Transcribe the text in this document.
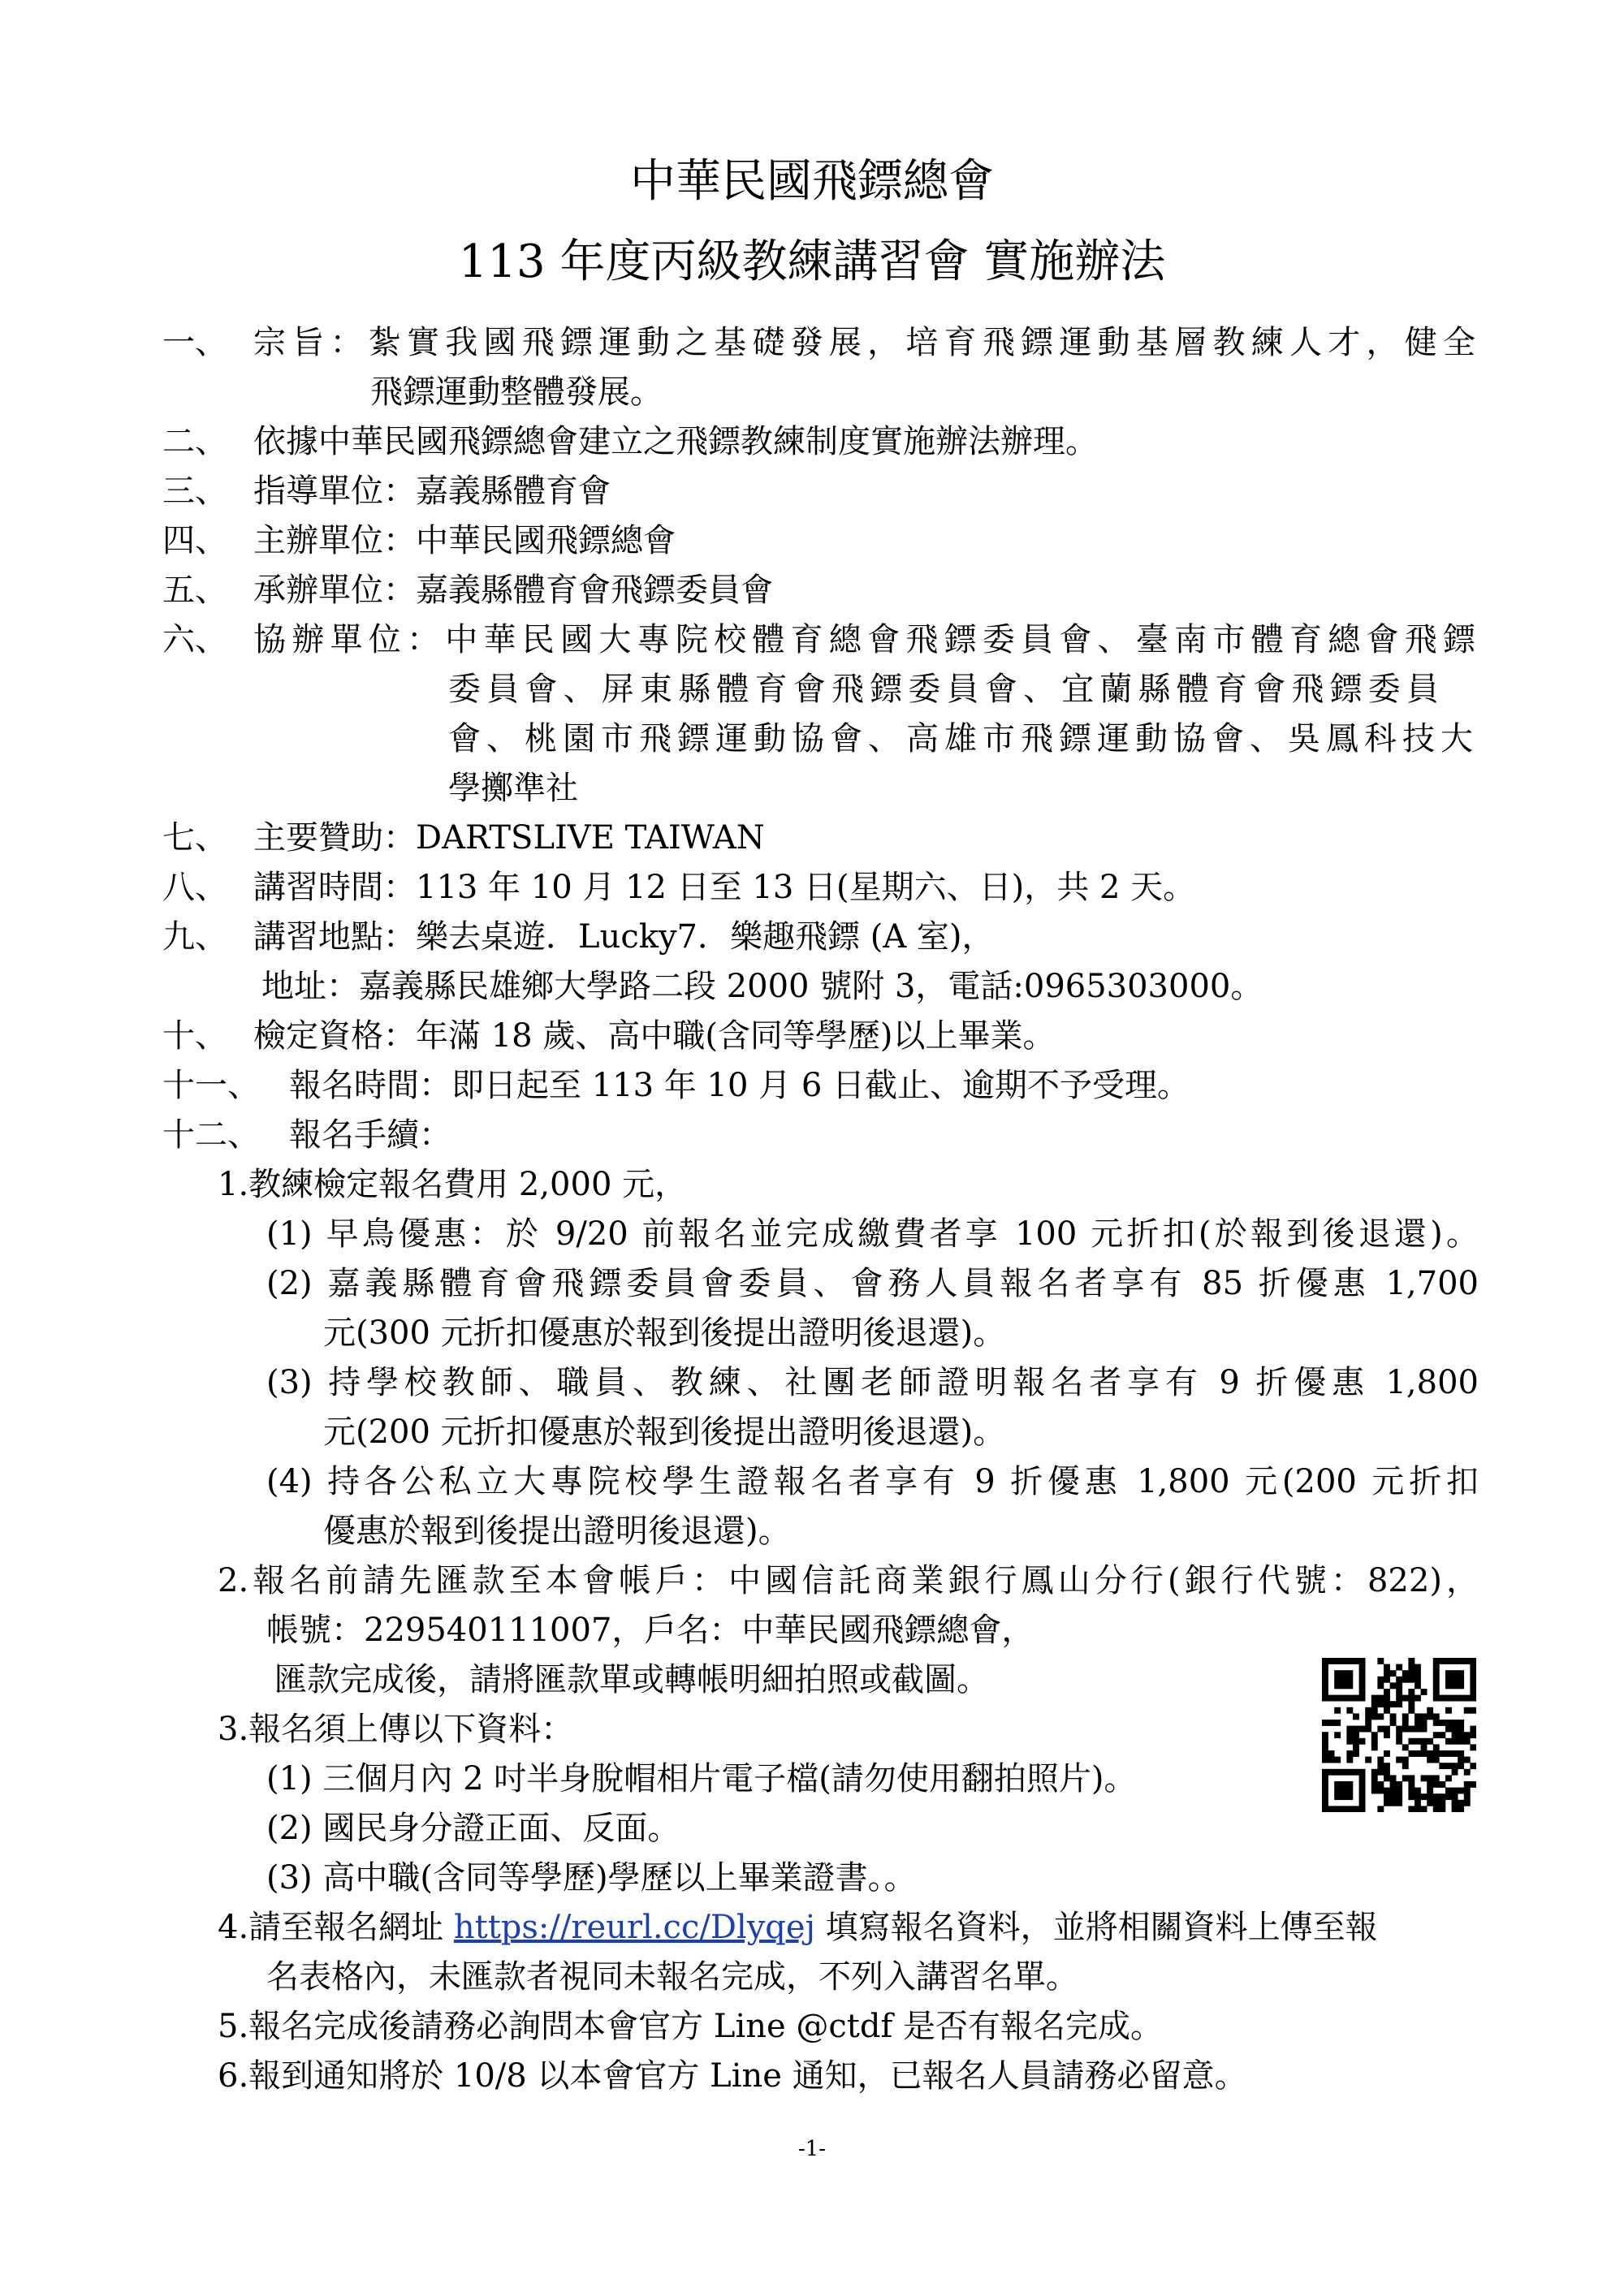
中華民國飛鏢總會
113 年度丙級教練講習會 實施辦法
一、 宗旨：紮實我國飛鏢運動之基礎發展，培育飛鏢運動基層教練人才，健全
飛鏢運動整體發展。
二、 依據中華民國飛鏢總會建立之飛鏢教練制度實施辦法辦理。
三、 指導單位：嘉義縣體育會
四、 主辦單位：中華民國飛鏢總會
五、 承辦單位：嘉義縣體育會飛鏢委員會
六、 協辦單位：中華民國大專院校體育總會飛鏢委員會、臺南市體育總會飛鏢
委員會、屏東縣體育會飛鏢委員會、宜蘭縣體育會飛鏢委員
會、桃園市飛鏢運動協會、高雄市飛鏢運動協會、吳鳳科技大
學擲準社
七、 主要贊助：DARTSLIVE TAIWAN
八、 講習時間：113 年 10 月 12 日至 13 日(星期六、日)，共 2 天。
九、 講習地點：樂去桌遊．Lucky7．樂趣飛鏢 (A 室)，
地址：嘉義縣民雄鄉大學路二段 2000 號附 3，電話:0965303000。
十、 檢定資格：年滿 18 歲、高中職(含同等學歷)以上畢業。
十一、 報名時間：即日起至 113 年 10 月 6 日截止、逾期不予受理。
十二、 報名手續：
1.教練檢定報名費用 2,000 元，
(1) 早鳥優惠：於 9/20 前報名並完成繳費者享 100 元折扣(於報到後退還)。
(2) 嘉義縣體育會飛鏢委員會委員、會務人員報名者享有 85 折優惠 1,700
元(300 元折扣優惠於報到後提出證明後退還)。
(3) 持學校教師、職員、教練、社團老師證明報名者享有 9 折優惠 1,800
元(200 元折扣優惠於報到後提出證明後退還)。
(4) 持各公私立大專院校學生證報名者享有 9 折優惠 1,800 元(200 元折扣
優惠於報到後提出證明後退還)。
2.報名前請先匯款至本會帳戶：中國信託商業銀行鳳山分行(銀行代號：822)，
帳號：229540111007，戶名：中華民國飛鏢總會，
匯款完成後，請將匯款單或轉帳明細拍照或截圖。
3.報名須上傳以下資料：
(1) 三個月內 2 吋半身脫帽相片電子檔(請勿使用翻拍照片)。
(2) 國民身分證正面、反面。
(3) 高中職(含同等學歷)學歷以上畢業證書。。
4.請至報名網址 https://reurl.cc/Dlyqej 填寫報名資料，並將相關資料上傳至報
名表格內，未匯款者視同未報名完成，不列入講習名單。
5.報名完成後請務必詢問本會官方 Line @ctdf 是否有報名完成。
6.報到通知將於 10/8 以本會官方 Line 通知，已報名人員請務必留意。
-1-
